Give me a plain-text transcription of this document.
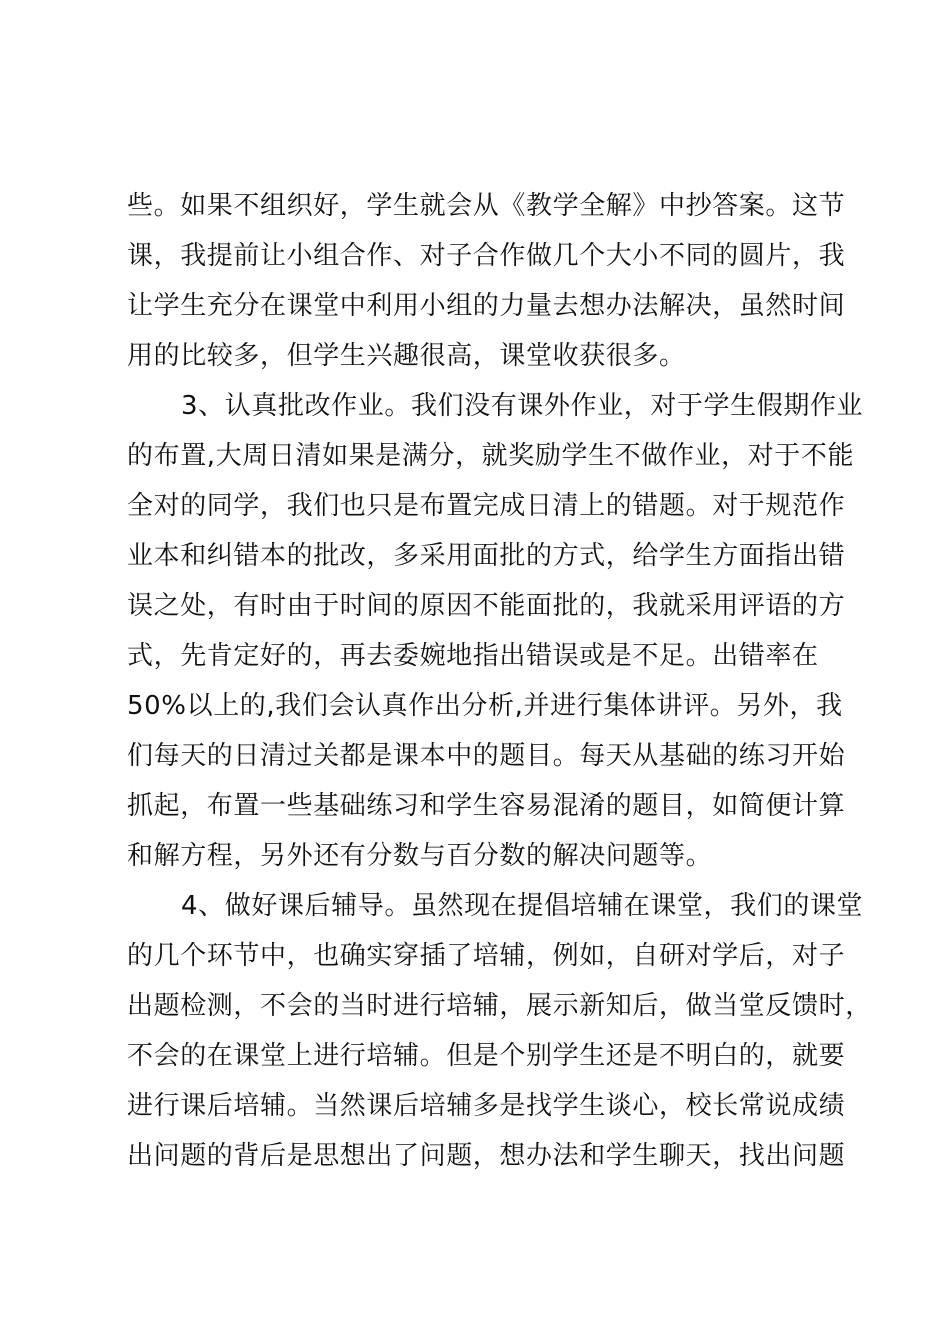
些。如果不组织好，学生就会从《教学全解》中抄答案。这节
课，我提前让小组合作、对子合作做几个大小不同的圆片，我
让学生充分在课堂中利用小组的力量去想办法解决，虽然时间
用的比较多，但学生兴趣很高，课堂收获很多。
3、认真批改作业。我们没有课外作业，对于学生假期作业
的布置,大周日清如果是满分，就奖励学生不做作业，对于不能
全对的同学，我们也只是布置完成日清上的错题。对于规范作
业本和纠错本的批改，多采用面批的方式，给学生方面指出错
误之处，有时由于时间的原因不能面批的，我就采用评语的方
式，先肯定好的，再去委婉地指出错误或是不足。出错率在
50%以上的,我们会认真作出分析,并进行集体讲评。另外，我
们每天的日清过关都是课本中的题目。每天从基础的练习开始
抓起，布置一些基础练习和学生容易混淆的题目，如简便计算
和解方程，另外还有分数与百分数的解决问题等。
4、做好课后辅导。虽然现在提倡培辅在课堂，我们的课堂
的几个环节中，也确实穿插了培辅，例如，自研对学后，对子
出题检测，不会的当时进行培辅，展示新知后，做当堂反馈时，
不会的在课堂上进行培辅。但是个别学生还是不明白的，就要
进行课后培辅。当然课后培辅多是找学生谈心，校长常说成绩
出问题的背后是思想出了问题，想办法和学生聊天，找出问题
